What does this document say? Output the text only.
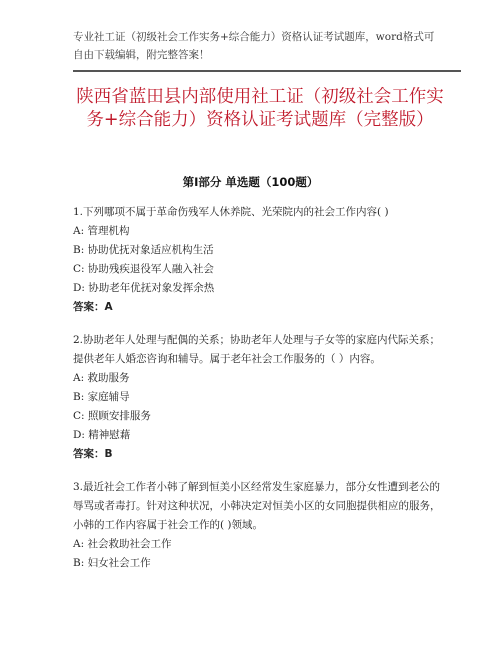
专业社工证（初级社会工作实务+综合能力）资格认证考试题库，word格式可自由下载编辑，附完整答案！
陕西省蓝田县内部使用社工证（初级社会工作实务+综合能力）资格认证考试题库（完整版）
第Ⅰ部分 单选题（100题）
1.下列哪项不属于革命伤残军人休养院、光荣院内的社会工作内容( )
A: 管理机构
B: 协助优抚对象适应机构生活
C: 协助残疾退役军人融入社会
D: 协助老年优抚对象发挥余热
答案：A
2.协助老年人处理与配偶的关系；协助老年人处理与子女等的家庭内代际关系；提供老年人婚恋咨询和辅导。属于老年社会工作服务的（ ）内容。
A: 救助服务
B: 家庭辅导
C: 照顾安排服务
D: 精神慰藉
答案：B
3.最近社会工作者小韩了解到恒美小区经常发生家庭暴力，部分女性遭到老公的辱骂或者毒打。针对这种状况，小韩决定对恒美小区的女同胞提供相应的服务，小韩的工作内容属于社会工作的( )领域。
A: 社会救助社会工作
B: 妇女社会工作
